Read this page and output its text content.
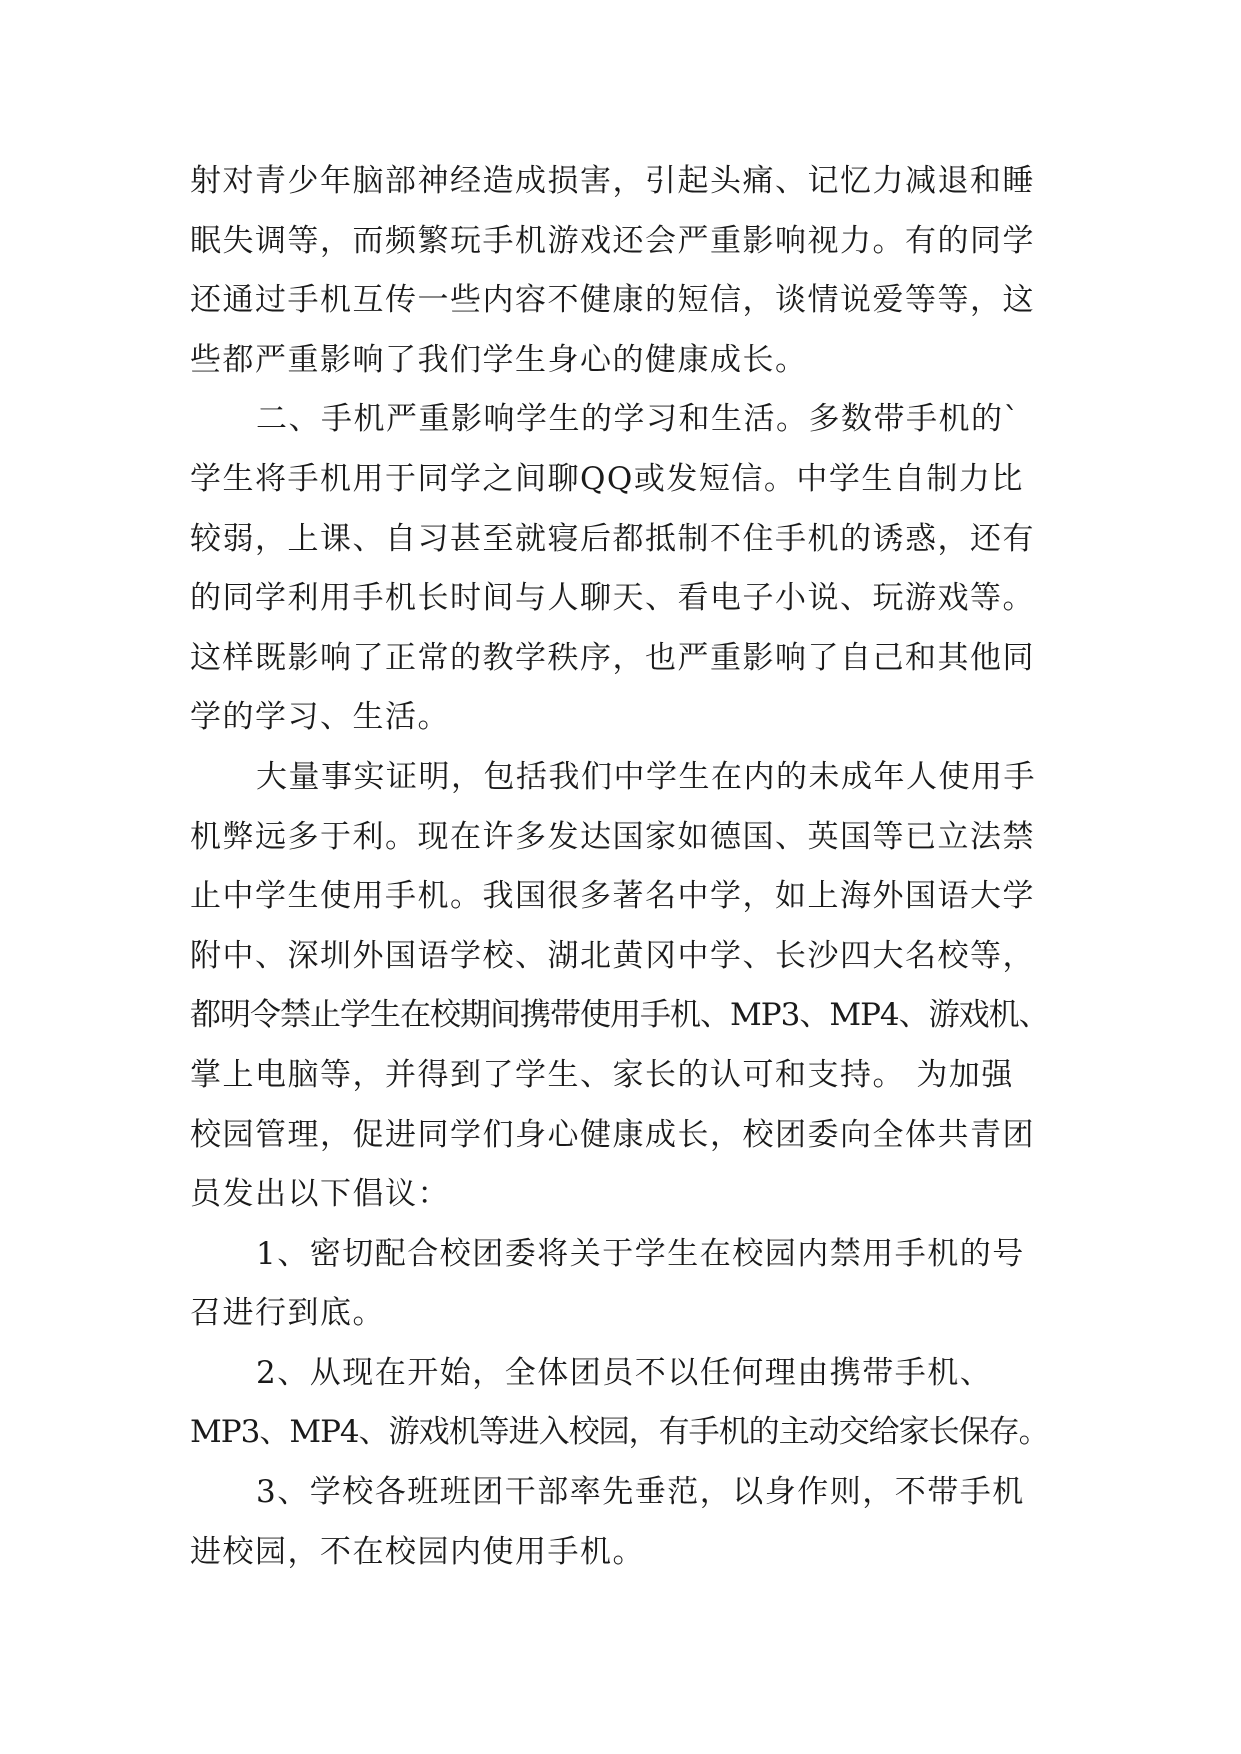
射对青少年脑部神经造成损害，引起头痛、记忆力减退和睡
眠失调等，而频繁玩手机游戏还会严重影响视力。有的同学
还通过手机互传一些内容不健康的短信，谈情说爱等等，这
些都严重影响了我们学生身心的健康成长。
二、手机严重影响学生的学习和生活。多数带手机的`
学生将手机用于同学之间聊QQ或发短信。中学生自制力比
较弱，上课、自习甚至就寝后都抵制不住手机的诱惑，还有
的同学利用手机长时间与人聊天、看电子小说、玩游戏等。
这样既影响了正常的教学秩序，也严重影响了自己和其他同
学的学习、生活。
大量事实证明，包括我们中学生在内的未成年人使用手
机弊远多于利。现在许多发达国家如德国、英国等已立法禁
止中学生使用手机。我国很多著名中学，如上海外国语大学
附中、深圳外国语学校、湖北黄冈中学、长沙四大名校等，
都明令禁止学生在校期间携带使用手机、MP3、MP4、游戏机、
掌上电脑等，并得到了学生、家长的认可和支持。 为加强
校园管理，促进同学们身心健康成长，校团委向全体共青团
员发出以下倡议：
1、密切配合校团委将关于学生在校园内禁用手机的号
召进行到底。
2、从现在开始，全体团员不以任何理由携带手机、
MP3、MP4、游戏机等进入校园，有手机的主动交给家长保存。
3、学校各班班团干部率先垂范，以身作则，不带手机
进校园，不在校园内使用手机。
